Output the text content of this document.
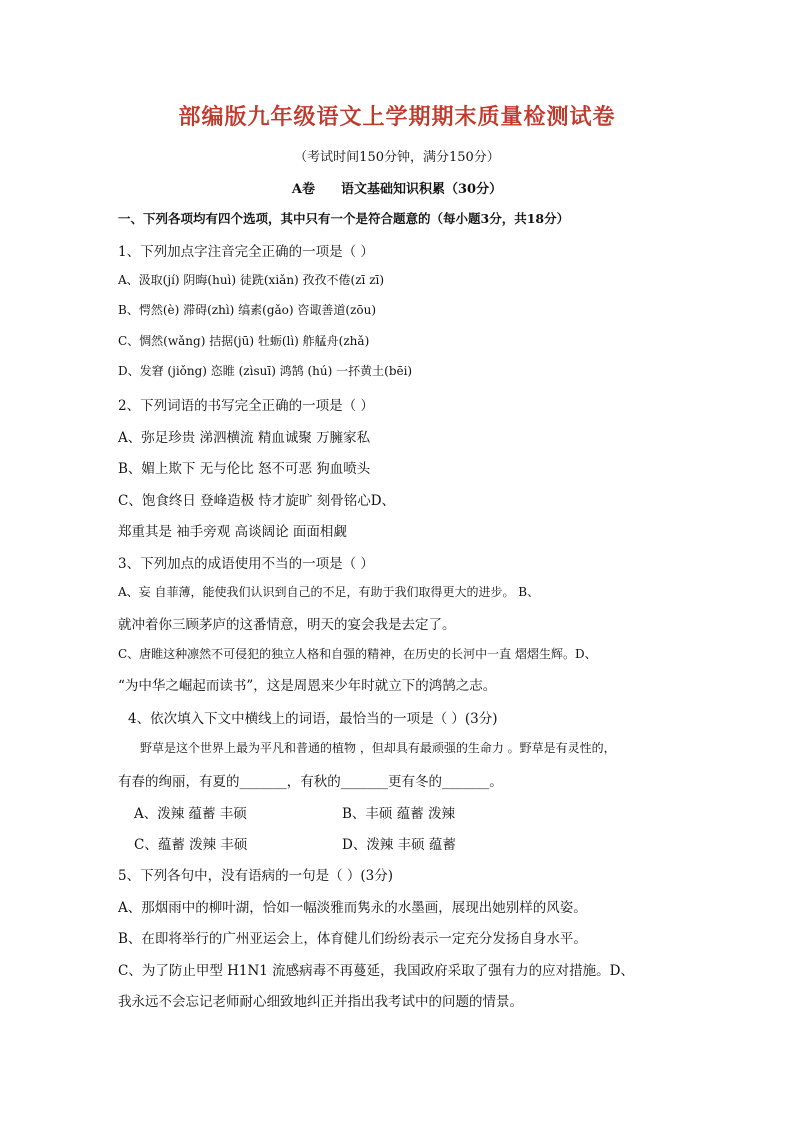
部编版九年级语文上学期期末质量检测试卷
（考试时间150分钟，满分150分）
A卷 语文基础知识积累（30分）
一、下列各项均有四个选项，其中只有一个是符合题意的（每小题3分，共18分）
1、下列加点字注音完全正确的一项是（ ）
A、汲取(jí) 阴晦(huì) 徒跣(xiǎn) 孜孜不倦(zī zī)
B、愕然(è) 滞碍(zhì) 缟素(gǎo) 咨诹善道(zōu)
C、惆然(wǎng) 拮据(jū) 牡蛎(lì) 舴艋舟(zhǎ)
D、发窘 (jiǒng) 恣睢 (zìsuī) 鸿鹄 (hú) 一抔黄土(bēi)
2、下列词语的书写完全正确的一项是（ ）
A、弥足珍贵 涕泗横流 精血诚聚 万臃家私
B、媚上欺下 无与伦比 怒不可恶 狗血喷头
C、饱食终日 登峰造极 恃才旋旷 刻骨铭心D、
郑重其是 袖手旁观 高谈阔论 面面相觑
3、下列加点的成语使用不当的一项是（ ）
A、妄 自菲薄，能使我们认识到自己的不足，有助于我们取得更大的进步。 B、
就冲着你三顾茅庐的这番情意，明天的宴会我是去定了。
C、唐睢这种凛然不可侵犯的独立人格和自强的精神，在历史的长河中一直 熠熠生辉。D、
“为中华之崛起而读书”，这是周恩来少年时就立下的鸿鹄之志。
4、依次填入下文中横线上的词语，最恰当的一项是（ ）(3分)
野草是这个世界上最为平凡和普通的植物 ，但却具有最顽强的生命力 。野草是有灵性的，
有春的绚丽，有夏的_______，有秋的_______更有冬的_______。
A、泼辣 蕴蓄 丰硕	B、丰硕 蕴蓄 泼辣
C、蕴蓄 泼辣 丰硕	D、泼辣 丰硕 蕴蓄
5、下列各句中，没有语病的一句是（ ）(3分)
A、那烟雨中的柳叶湖，恰如一幅淡雅而隽永的水墨画，展现出她别样的风姿。
B、在即将举行的广州亚运会上，体育健儿们纷纷表示一定充分发扬自身水平。
C、为了防止甲型 H1N1 流感病毒不再蔓延，我国政府采取了强有力的应对措施。D、
我永远不会忘记老师耐心细致地纠正并指出我考试中的问题的情景。
